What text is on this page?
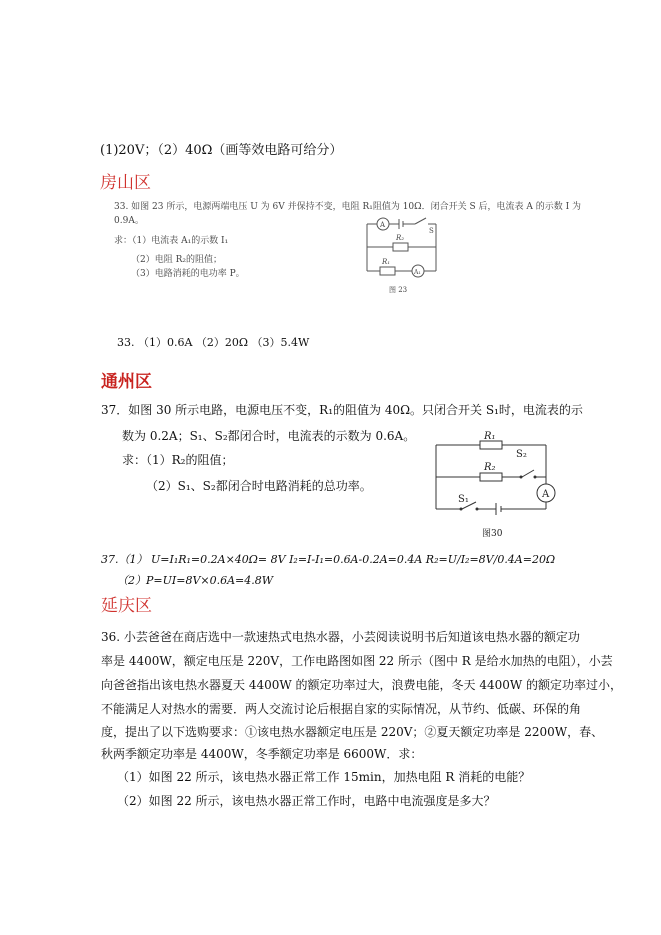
(1)20V；（2）40Ω（画等效电路可给分）
房山区
33. 如图 23 所示，电源两端电压 U 为 6V 并保持不变，电阻 R₁阻值为 10Ω．闭合开关 S 后，电流表 A 的示数 I 为
0.9A。
求：（1）电流表 A₁的示数 I₁
（2）电阻 R₂的阻值；
（3）电路消耗的电功率 P。
A
A₁
S
R₂
R₁
图 23
33. （1）0.6A （2）20Ω （3）5.4W
通州区
37．如图 30 所示电路，电源电压不变，R₁的阻值为 40Ω。只闭合开关 S₁时，电流表的示
数为 0.2A；S₁、S₂都闭合时，电流表的示数为 0.6A。
求：（1）R₂的阻值；
（2）S₁、S₂都闭合时电路消耗的总功率。
A
R₁
S₂
R₂
S₁
图30
37.（1） U=I₁R₁=0.2A×40Ω= 8V I₂=I-I₁=0.6A-0.2A=0.4A R₂=U/I₂=8V/0.4A=20Ω
（2）P=UI=8V×0.6A=4.8W
延庆区
36. 小芸爸爸在商店选中一款速热式电热水器，小芸阅读说明书后知道该电热水器的额定功
率是 4400W，额定电压是 220V，工作电路图如图 22 所示（图中 R 是给水加热的电阻），小芸
向爸爸指出该电热水器夏天 4400W 的额定功率过大，浪费电能，冬天 4400W 的额定功率过小，
不能满足人对热水的需要．两人交流讨论后根据自家的实际情况，从节约、低碳、环保的角
度，提出了以下选购要求：①该电热水器额定电压是 220V；②夏天额定功率是 2200W，春、
秋两季额定功率是 4400W，冬季额定功率是 6600W．求：
（1）如图 22 所示，该电热水器正常工作 15min，加热电阻 R 消耗的电能？
（2）如图 22 所示，该电热水器正常工作时，电路中电流强度是多大？
